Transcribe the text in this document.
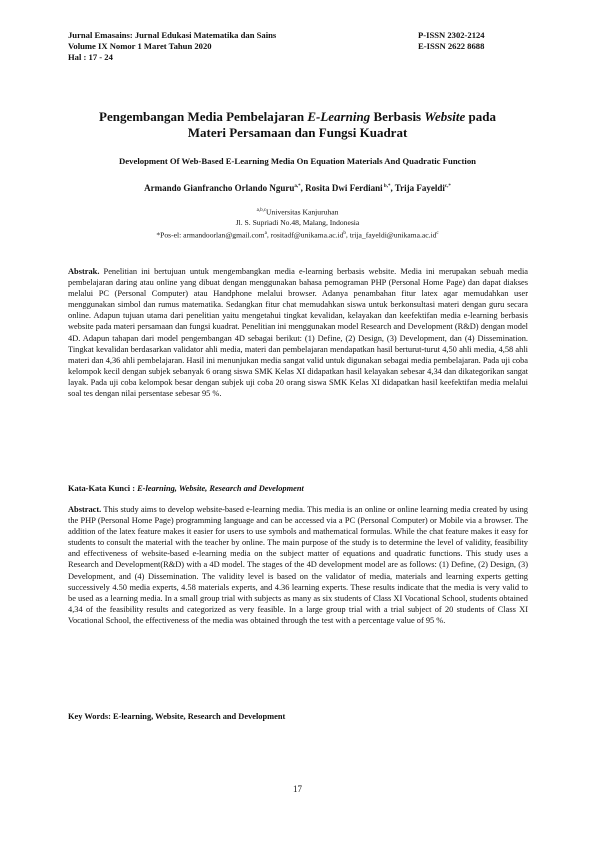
Jurnal Emasains: Jurnal Edukasi Matematika dan Sains	P-ISSN 2302-2124
Volume IX Nomor 1 Maret Tahun 2020	E-ISSN 2622 8688
Hal : 17 - 24
Pengembangan Media Pembelajaran E-Learning Berbasis Website pada
Materi Persamaan dan Fungsi Kuadrat
Development Of Web-Based E-Learning Media On Equation Materials And Quadratic Function
Armando Gianfrancho Orlando Nguru$^{a,*}$, Rosita Dwi Ferdiani $^{b,*}$, Trija Fayeldi$^{c,*}$
$^{a,b,c}$Universitas Kanjuruhan
Jl. S. Supriadi No.48, Malang, Indonesia
*Pos-el: armandoorlan@gmail.com$^a$, $rositadf@unikama.ac.id^b$, $trija\_fayeldi@unikama.ac.id^c$
Abstrak. Penelitian ini bertujuan untuk mengembangkan media e-learning berbasis website. Media ini merupakan sebuah media pembelajaran daring atau online yang dibuat dengan menggunakan bahasa pemograman PHP (Personal Home Page) dan dapat diakses melalui PC (Personal Computer) atau Handphone melalui browser. Adanya penambahan fitur latex agar memudahkan user menggunakan simbol dan rumus matematika. Sedangkan fitur chat memudahkan siswa untuk berkonsultasi materi dengan guru secara online. Adapun tujuan utama dari penelitian yaitu mengetahui tingkat kevalidan, kelayakan dan keefektifan media e-learning berbasis website pada materi persamaan dan fungsi kuadrat. Penelitian ini menggunakan model Research and Development (R&D) dengan model 4D. Adapun tahapan dari model pengembangan 4D sebagai berikut: (1) Define, (2) Design, (3) Development, dan (4) Dissemination. Tingkat kevalidan berdasarkan validator ahli media, materi dan pembelajaran mendapatkan hasil berturut-turut 4,50 ahli media, 4,58 ahli materi dan 4,36 ahli pembelajaran. Hasil ini menunjukan media sangat valid untuk digunakan sebagai media pembelajaran. Pada uji coba kelompok kecil dengan subjek sebanyak 6 orang siswa SMK Kelas XI didapatkan hasil kelayakan sebesar 4,34 dan dikategorikan sangat layak. Pada uji coba kelompok besar dengan subjek uji coba 20 orang siswa SMK Kelas XI didapatkan hasil keefektifan media melalui soal tes dengan nilai persentase sebesar 95 %.
Kata-Kata Kunci : E-learning, Website, Research and Development
Abstract. This study aims to develop website-based e-learning media. This media is an online or online learning media created by using the PHP (Personal Home Page) programming language and can be accessed via a PC (Personal Computer) or Mobile via a browser. The addition of the latex feature makes it easier for users to use symbols and mathematical formulas. While the chat feature makes it easy for students to consult the material with the teacher by online. The main purpose of the study is to determine the level of validity, feasibility and effectiveness of website-based e-learning media on the subject matter of equations and quadratic functions. This study uses a Research and Development(R&D) with a 4D model. The stages of the 4D development model are as follows: (1) Define, (2) Design, (3) Development, and (4) Dissemination. The validity level is based on the validator of media, materials and learning experts getting successively 4.50 media experts, 4.58 materials experts, and 4.36 learning experts. These results indicate that the media is very valid to be used as a learning media. In a small group trial with subjects as many as six students of Class XI Vocational School, students obtained 4,34 of the feasibility results and categorized as very feasible. In a large group trial with a trial subject of 20 students of Class XI Vocational School, the effectiveness of the media was obtained through the test with a percentage value of 95 %.
Key Words: E-learning, Website, Research and Development
17
